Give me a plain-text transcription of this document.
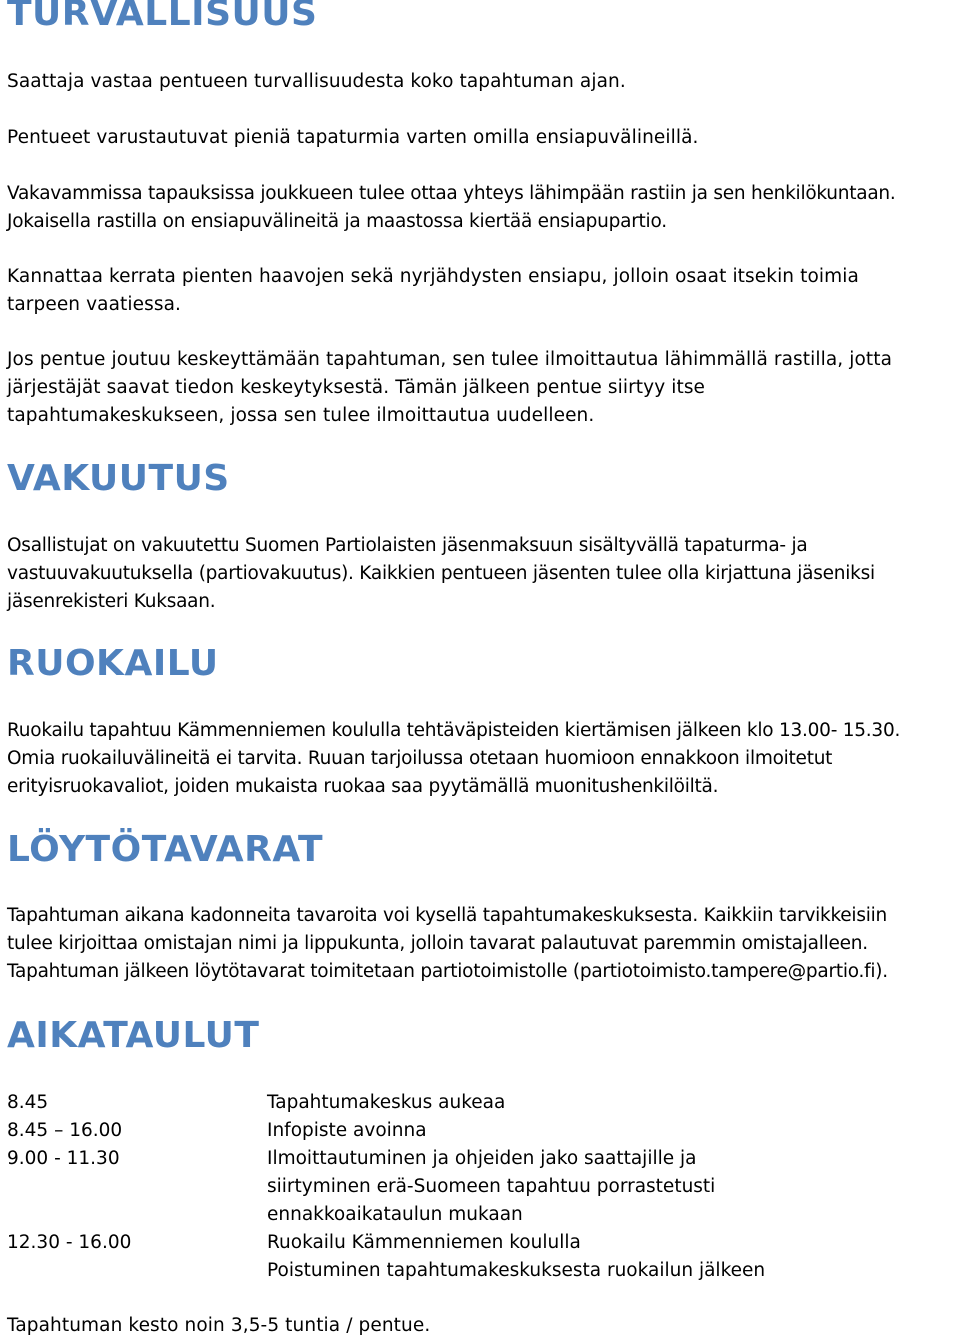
TURVALLISUUS

Saattaja vastaa pentueen turvallisuudesta koko tapahtuman ajan.

Pentueet varustautuvat pieniä tapaturmia varten omilla ensiapuvälineillä.

Vakavammissa tapauksissa joukkueen tulee ottaa yhteys lähimpään rastiin ja sen henkilökuntaan.
Jokaisella rastilla on ensiapuvälineitä ja maastossa kiertää ensiapupartio.

Kannattaa kerrata pienten haavojen sekä nyrjähdysten ensiapu, jolloin osaat itsekin toimia
tarpeen vaatiessa.

Jos pentue joutuu keskeyttämään tapahtuman, sen tulee ilmoittautua lähimmällä rastilla, jotta
järjestäjät saavat tiedon keskeytyksestä. Tämän jälkeen pentue siirtyy itse
tapahtumakeskukseen, jossa sen tulee ilmoittautua uudelleen.

VAKUUTUS

Osallistujat on vakuutettu Suomen Partiolaisten jäsenmaksuun sisältyvällä tapaturma- ja
vastuuvakuutuksella (partiovakuutus). Kaikkien pentueen jäsenten tulee olla kirjattuna jäseniksi
jäsenrekisteri Kuksaan.

RUOKAILU

Ruokailu tapahtuu Kämmenniemen koululla tehtäväpisteiden kiertämisen jälkeen klo 13.00- 15.30.
Omia ruokailuvälineitä ei tarvita. Ruuan tarjoilussa otetaan huomioon ennakkoon ilmoitetut
erityisruokavaliot, joiden mukaista ruokaa saa pyytämällä muonitushenkilöiltä.

LÖYTÖTAVARAT

Tapahtuman aikana kadonneita tavaroita voi kysellä tapahtumakeskuksesta. Kaikkiin tarvikkeisiin
tulee kirjoittaa omistajan nimi ja lippukunta, jolloin tavarat palautuvat paremmin omistajalleen.
Tapahtuman jälkeen löytötavarat toimitetaan partiotoimistolle (partiotoimisto.tampere@partio.fi).

AIKATAULUT
8.45	Tapahtumakeskus aukeaa
8.45 – 16.00	Infopiste avoinna
9.00 - 11.30	Ilmoittautuminen ja ohjeiden jako saattajille ja
siirtyminen erä-Suomeen tapahtuu porrastetusti
ennakkoaikataulun mukaan
12.30 - 16.00	Ruokailu Kämmenniemen koululla
Poistuminen tapahtumakeskuksesta ruokailun jälkeen

Tapahtuman kesto noin 3,5-5 tuntia / pentue.
